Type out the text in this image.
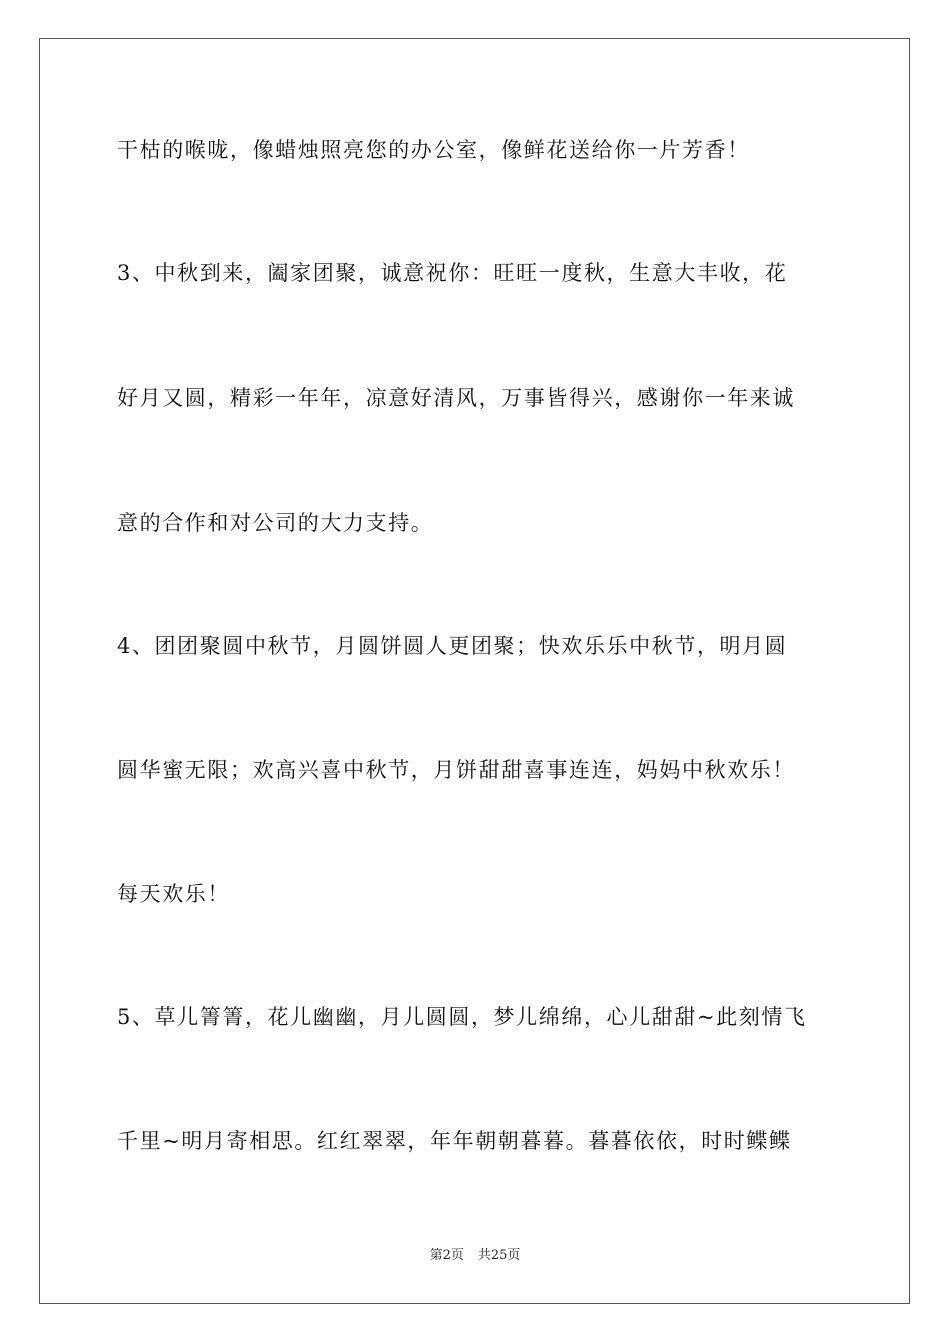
干枯的喉咙，像蜡烛照亮您的办公室，像鲜花送给你一片芳香！
3、中秋到来，阖家团聚，诚意祝你：旺旺一度秋，生意大丰收，花
好月又圆，精彩一年年，凉意好清风，万事皆得兴，感谢你一年来诚
意的合作和对公司的大力支持。
4、团团聚圆中秋节，月圆饼圆人更团聚；快欢乐乐中秋节，明月圆
圆华蜜无限；欢高兴喜中秋节，月饼甜甜喜事连连，妈妈中秋欢乐！
每天欢乐！
5、草儿箐箐，花儿幽幽，月儿圆圆，梦儿绵绵，心儿甜甜~此刻情飞
千里~明月寄相思。红红翠翠，年年朝朝暮暮。暮暮依依，时时鲽鲽
第2页 共25页
